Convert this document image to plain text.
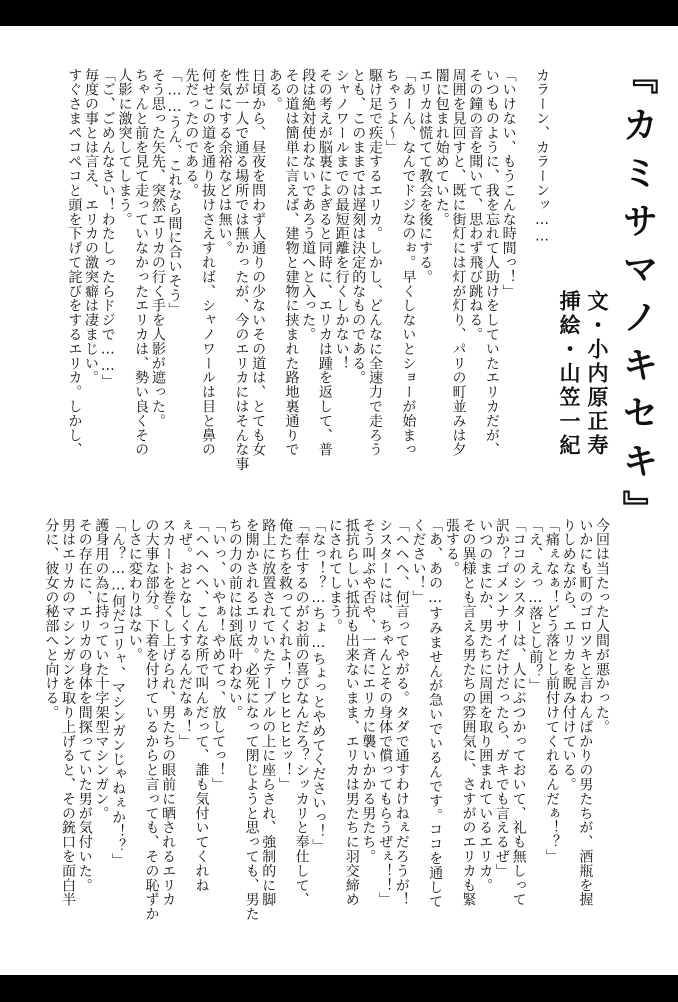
『カミサマノキセキ』
文・小内原正寿
挿絵・山笠一紀
カラーン、カラーンッ……
「いけない、もうこんな時間っ！」
いつものように、我を忘れて人助けをしていたエリカだが、
その鐘の音を聞いて、思わず飛び跳ねる。
周囲を見回すと、既に街灯には灯が灯り、パリの町並みは夕
闇に包まれ始めていた。
エリカは慌てて教会を後にする。
「あーん、なんでドジなのぉ。早くしないとショーが始まっ
ちゃうよ〜」
駆け足で疾走するエリカ。しかし、どんなに全速力で走ろう
とも、このままでは遅刻は決定的なものである。
シャノワールまでの最短距離を行くしかない！
その考えが脳裏によぎると同時に、エリカは踵を返して、普
段は絶対使わないであろう道へと入った。
その道は簡単に言えば、建物と建物に挟まれた路地裏通りで
ある。
日頃から、昼夜を問わず人通りの少ないその道は、とても女
性が一人で通る場所では無かったが、今のエリカにはそんな事
を気にする余裕などは無い。
何せこの道を通り抜けさえすれば、シャノワールは目と鼻の
先だったのである。
「……うん、これなら間に合いそう」
そう思った矢先、突然エリカの行く手を人影が遮った。
ちゃんと前を見て走っていなかったエリカは、勢い良くその
人影に激突してしまう。
「ご、ごめんなさい！わたしったらドジで……」
毎度の事とは言え、エリカの激突癖は凄まじい。
すぐさまペコペコと頭を下げて詫びをするエリカ。しかし、
今回は当たった人間が悪かった。
いかにも町のゴロツキと言わんばかりの男たちが、酒瓶を握
りしめながら、エリカを睨み付けている。
「痛ぇなぁ！どう落とし前付けてくれるんだぁ！？」
「え、えっ…落とし前？」
「ココのシスターは、人にぶつかっておいて、礼も無しって
訳か？ゴメンナサイだけだったら、ガキでも言えるぜ」
いつのまにか、男たちに周囲を取り囲まれているエリカ。
その異様とも言える男たちの雰囲気に、さすがのエリカも緊
張する。
「あ、あの…すみませんが急いでいるんです。ココを通して
ください！」
「ヘヘヘ、何言ってやがる。タダで通すわけねぇだろうが！
シスターには、ちゃんとその身体で償ってもらうぜぇ！！」
そう叫ぶや否や、一斉にエリカに襲いかかる男たち。
抵抗らしい抵抗も出来ないまま、エリカは男たちに羽交締め
にされてしまう。
「なっ！？…ちょ…ちょっとやめてくださいっ！」
「奉仕するのがお前の喜びなんだろ？シッカリと奉仕して、
俺たちを救ってくれよ！ウヒヒヒヒッ！」
路上に放置されていたテーブルの上に座らされ、強制的に脚
を開かされるエリカ。必死になって閉じようと思っても、男た
ちの力の前には到底叶わない。
「いっ、いやぁ！やめてっ、放してっ！」
「ヘヘヘヘ、こんな所で叫んだって、誰も気付いてくれね
ぇぜ。おとなしくするんだなぁ！」
スカートを巻くし上げられ、男たちの眼前に晒されるエリカ
の大事な部分。下着を付けているからと言っても、その恥ずか
しさに変わりはない。
「ん？……何だコリャ、マシンガンじゃねぇか！？」
護身用の為に持っていた十字架型マシンガン。
その存在に、エリカの身体を間探っていた男が気付いた。
男はエリカのマシンガンを取り上げると、その銃口を面白半
分に、彼女の秘部へと向ける。
